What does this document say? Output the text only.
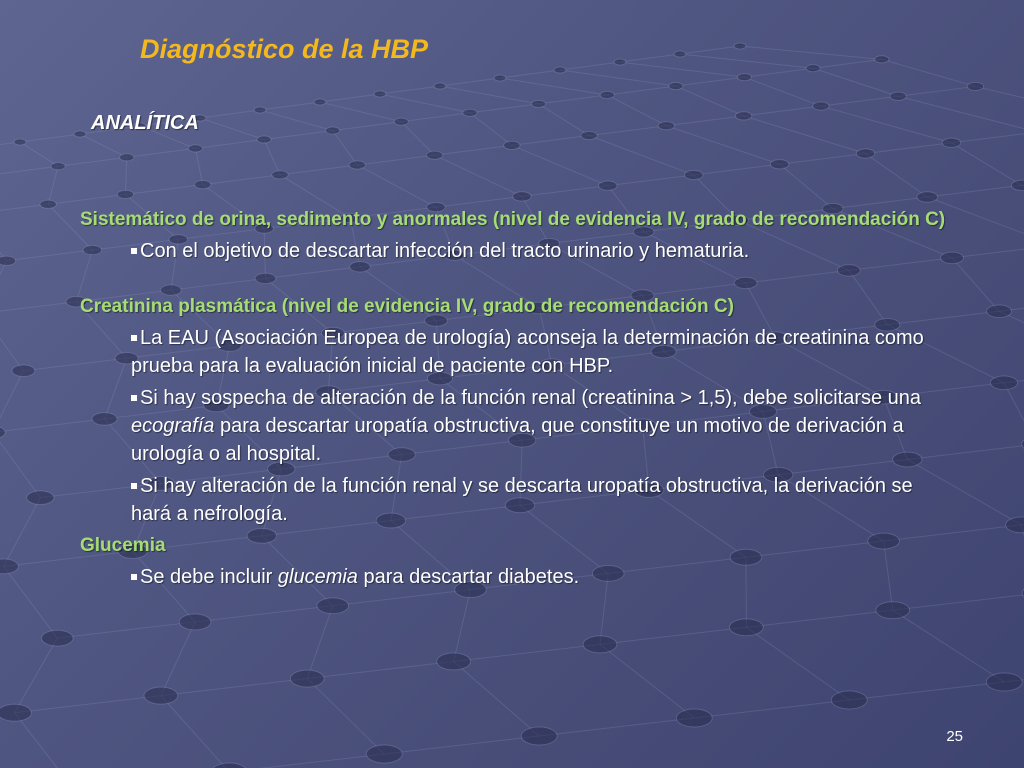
Diagnóstico de la HBP
ANALÍTICA
Sistemático de orina, sedimento y anormales (nivel de evidencia IV, grado de recomendación C)
Con el objetivo de descartar infección del tracto urinario y hematuria.
Creatinina plasmática (nivel de evidencia IV, grado de recomendación C)
La EAU (Asociación Europea de urología) aconseja la determinación de creatinina como prueba para la evaluación inicial de paciente con HBP.
Si hay sospecha de alteración de la función renal (creatinina > 1,5), debe solicitarse una ecografía para descartar uropatía obstructiva, que constituye un motivo de derivación a urología o al hospital.
Si hay alteración de la función renal y se descarta uropatía obstructiva, la derivación se hará a nefrología.
Glucemia
Se debe incluir glucemia para descartar diabetes.
25
